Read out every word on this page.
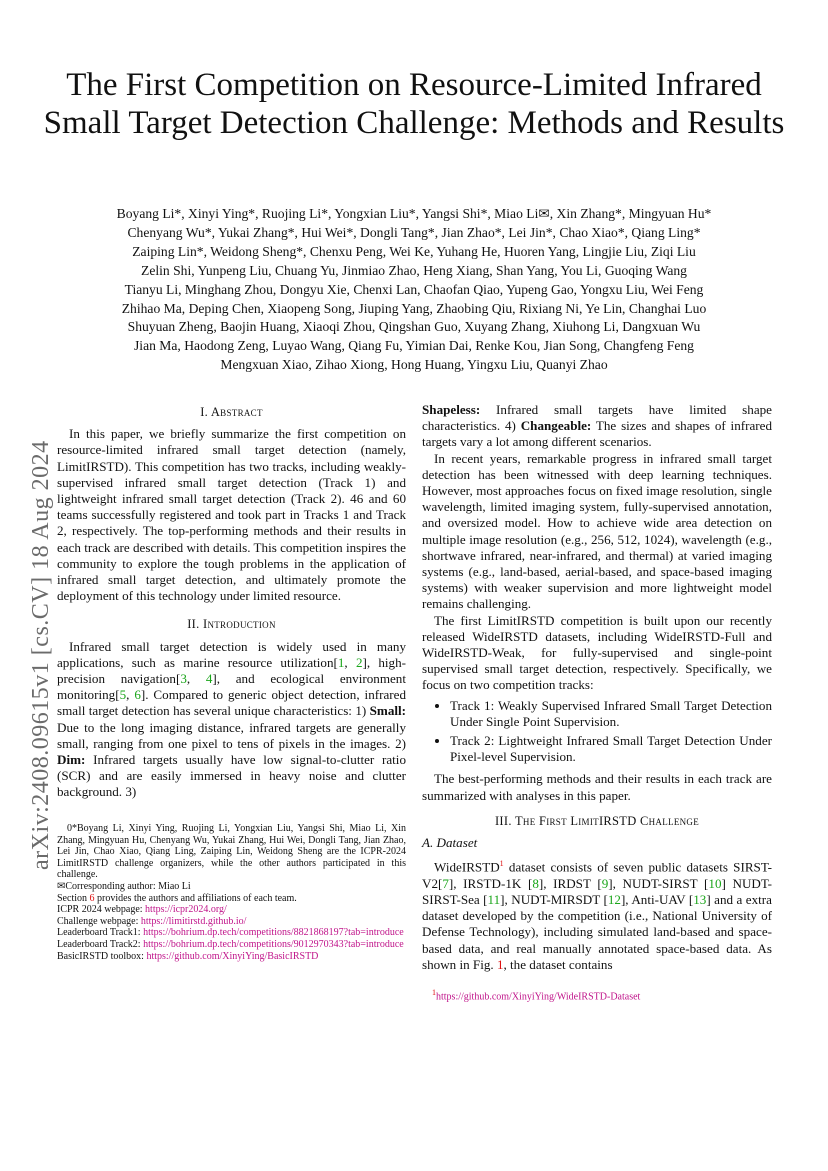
The First Competition on Resource-Limited Infrared Small Target Detection Challenge: Methods and Results
Boyang Li*, Xinyi Ying*, Ruojing Li*, Yongxian Liu*, Yangsi Shi*, Miao Li✉, Xin Zhang*, Mingyuan Hu*
Chenyang Wu*, Yukai Zhang*, Hui Wei*, Dongli Tang*, Jian Zhao*, Lei Jin*, Chao Xiao*, Qiang Ling*
Zaiping Lin*, Weidong Sheng*, Chenxu Peng, Wei Ke, Yuhang He, Huoren Yang, Lingjie Liu, Ziqi Liu
Zelin Shi, Yunpeng Liu, Chuang Yu, Jinmiao Zhao, Heng Xiang, Shan Yang, You Li, Guoqing Wang
Tianyu Li, Minghang Zhou, Dongyu Xie, Chenxi Lan, Chaofan Qiao, Yupeng Gao, Yongxu Liu, Wei Feng
Zhihao Ma, Deping Chen, Xiaopeng Song, Jiuping Yang, Zhaobing Qiu, Rixiang Ni, Ye Lin, Changhai Luo
Shuyuan Zheng, Baojin Huang, Xiaoqi Zhou, Qingshan Guo, Xuyang Zhang, Xiuhong Li, Dangxuan Wu
Jian Ma, Haodong Zeng, Luyao Wang, Qiang Fu, Yimian Dai, Renke Kou, Jian Song, Changfeng Feng
Mengxuan Xiao, Zihao Xiong, Hong Huang, Yingxu Liu, Quanyi Zhao
arXiv:2408.09615v1 [cs.CV] 18 Aug 2024
I. Abstract

In this paper, we briefly summarize the first competition on resource-limited infrared small target detection (namely, LimitIRSTD). This competition has two tracks, including weakly-supervised infrared small target detection (Track 1) and lightweight infrared small target detection (Track 2). 46 and 60 teams successfully registered and took part in Tracks 1 and Track 2, respectively. The top-performing methods and their results in each track are described with details. This competition inspires the community to explore the tough problems in the application of infrared small target detection, and ultimately promote the deployment of this technology under limited resource.

II. Introduction

Infrared small target detection is widely used in many applications, such as marine resource utilization[1, 2], high-precision navigation[3, 4], and ecological environment monitoring[5, 6]. Compared to generic object detection, infrared small target detection has several unique characteristics: 1) Small: Due to the long imaging distance, infrared targets are generally small, ranging from one pixel to tens of pixels in the images. 2) Dim: Infrared targets usually have low signal-to-clutter ratio (SCR) and are easily immersed in heavy noise and clutter background. 3)

0*Boyang Li, Xinyi Ying, Ruojing Li, Yongxian Liu, Yangsi Shi, Miao Li, Xin Zhang, Mingyuan Hu, Chenyang Wu, Yukai Zhang, Hui Wei, Dongli Tang, Jian Zhao, Lei Jin, Chao Xiao, Qiang Ling, Zaiping Lin, Weidong Sheng are the ICPR-2024 LimitIRSTD challenge organizers, while the other authors participated in this challenge.
✉Corresponding author: Miao Li
Section 6 provides the authors and affiliations of each team.
ICPR 2024 webpage: https://icpr2024.org/
Challenge webpage: https://limitirstd.github.io/
Leaderboard Track1: https://bohrium.dp.tech/competitions/8821868197?tab=introduce
Leaderboard Track2: https://bohrium.dp.tech/competitions/9012970343?tab=introduce
BasicIRSTD toolbox: https://github.com/XinyiYing/BasicIRSTD

Shapeless: Infrared small targets have limited shape characteristics. 4) Changeable: The sizes and shapes of infrared targets vary a lot among different scenarios.

In recent years, remarkable progress in infrared small target detection has been witnessed with deep learning techniques. However, most approaches focus on fixed image resolution, single wavelength, limited imaging system, fully-supervised annotation, and oversized model. How to achieve wide area detection on multiple image resolution (e.g., 256, 512, 1024), wavelength (e.g., shortwave infrared, near-infrared, and thermal) at varied imaging systems (e.g., land-based, aerial-based, and space-based imaging systems) with weaker supervision and more lightweight model remains challenging.

The first LimitIRSTD competition is built upon our recently released WideIRSTD datasets, including WideIRSTD-Full and WideIRSTD-Weak, for fully-supervised and single-point supervised small target detection, respectively. Specifically, we focus on two competition tracks:

• Track 1: Weakly Supervised Infrared Small Target Detection Under Single Point Supervision.
• Track 2: Lightweight Infrared Small Target Detection Under Pixel-level Supervision.

The best-performing methods and their results in each track are summarized with analyses in this paper.

III. The First LimitIRSTD Challenge
A. Dataset

WideIRSTD$^1$ dataset consists of seven public datasets SIRST-V2[7], IRSTD-1K [8], IRDST [9], NUDT-SIRST [10] NUDT-SIRST-Sea [11], NUDT-MIRSDT [12], Anti-UAV [13] and a extra dataset developed by the competition (i.e., National University of Defense Technology), including simulated land-based and space-based data, and real manually annotated space-based data. As shown in Fig. 1, the dataset contains

$^1$https://github.com/XinyiYing/WideIRSTD-Dataset
